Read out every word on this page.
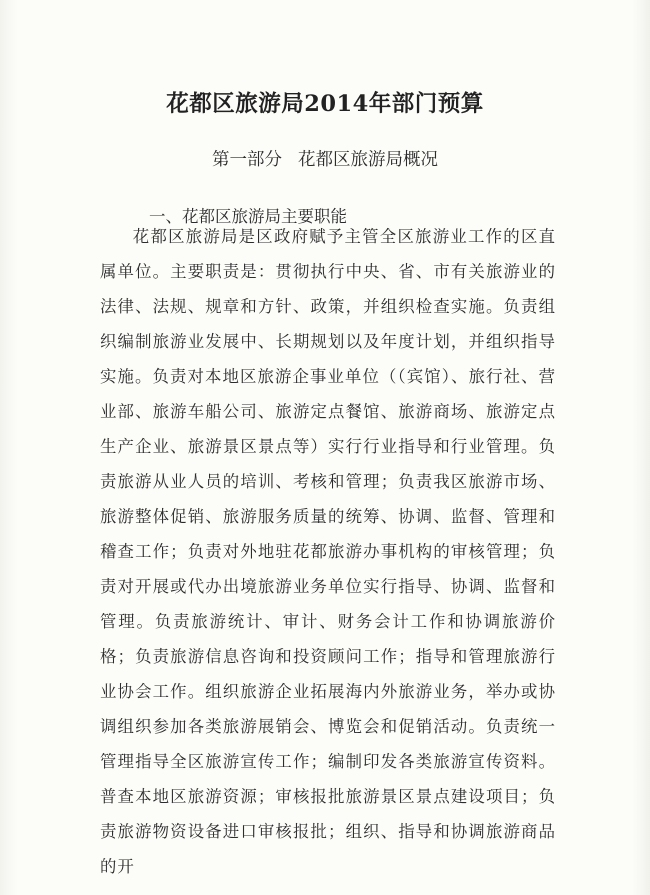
花都区旅游局2014年部门预算
第一部分 花都区旅游局概况
一、花都区旅游局主要职能

花都区旅游局是区政府赋予主管全区旅游业工作的区直属单位。主要职责是：贯彻执行中央、省、市有关旅游业的法律、法规、规章和方针、政策，并组织检查实施。负责组织编制旅游业发展中、长期规划以及年度计划，并组织指导实施。负责对本地区旅游企事业单位（（宾馆）、旅行社、营业部、旅游车船公司、旅游定点餐馆、旅游商场、旅游定点生产企业、旅游景区景点等）实行行业指导和行业管理。负责旅游从业人员的培训、考核和管理；负责我区旅游市场、旅游整体促销、旅游服务质量的统筹、协调、监督、管理和稽查工作；负责对外地驻花都旅游办事机构的审核管理；负责对开展或代办出境旅游业务单位实行指导、协调、监督和管理。负责旅游统计、审计、财务会计工作和协调旅游价格；负责旅游信息咨询和投资顾问工作；指导和管理旅游行业协会工作。组织旅游企业拓展海内外旅游业务，举办或协调组织参加各类旅游展销会、博览会和促销活动。负责统一管理指导全区旅游宣传工作；编制印发各类旅游宣传资料。普查本地区旅游资源；审核报批旅游景区景点建设项目；负责旅游物资设备进口审核报批；组织、指导和协调旅游商品的开
